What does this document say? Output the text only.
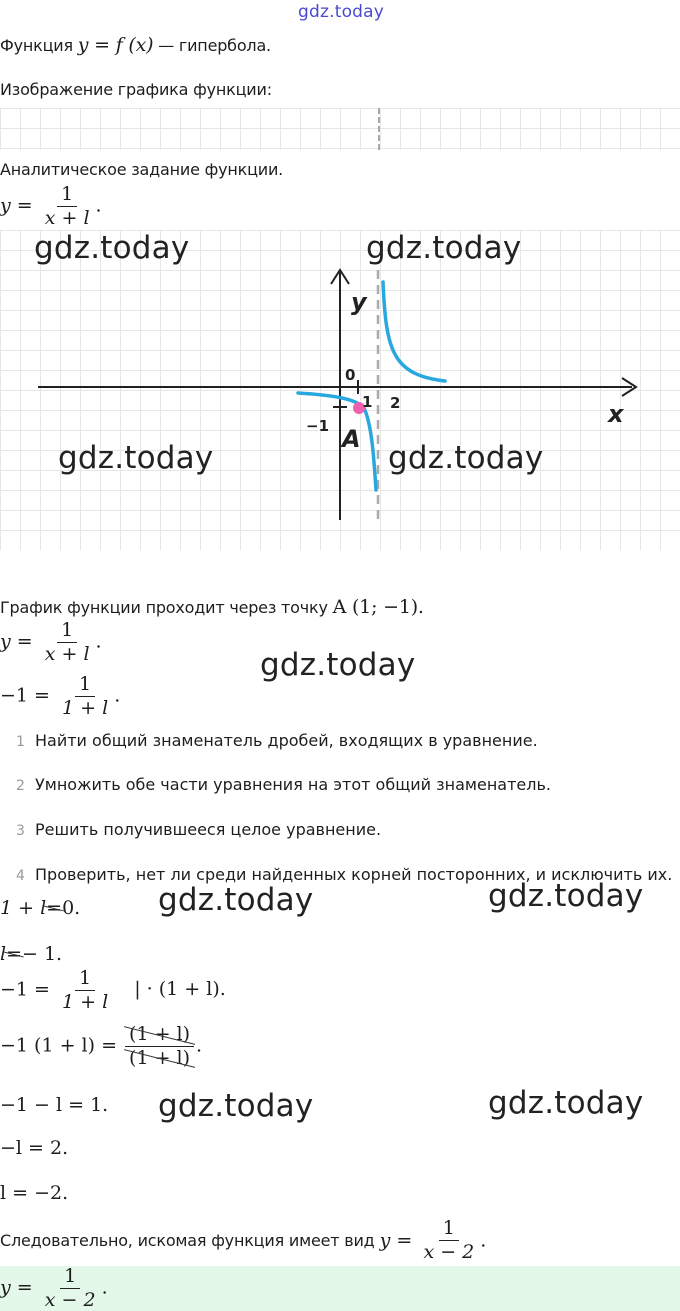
gdz.today
Функция y = f (x) — гиперболa.
Изображение графика функции:
Аналитическое задание функции.
$y = \frac{1}{x + l}$ .
y
x
0
1 2
−1 A
gdz.today	gdz.today
gdz.today	gdz.today
График функции проходит через точку A (1; −1).
$y = \frac{1}{x + l}$ .
gdz.today
$-1 = \frac{1}{1 + l}$ .
1 Найти общий знаменатель дробей, входящих в уравнение.
2 Умножить обе части уравнения на этот общий знаменатель.
3 Решить получившееся целое уравнение.
4 Проверить, нет ли среди найденных корней посторонних, и исключить их.
1 + l=0.	gdz.today	gdz.today
l=− 1.
$-1 = \frac{1}{1 + l}$ | · (1 + l).
−1 $(1 + l) = \frac{(1 + l)}{(1 + l)}$ .
−1 − l = 1. gdz.today	gdz.today
−l = 2.
l = −2.
Следовательно, искомая функция имеет вид $y = \frac{1}{x - 2}$ .
$y = \frac{1}{x - 2}$ .
